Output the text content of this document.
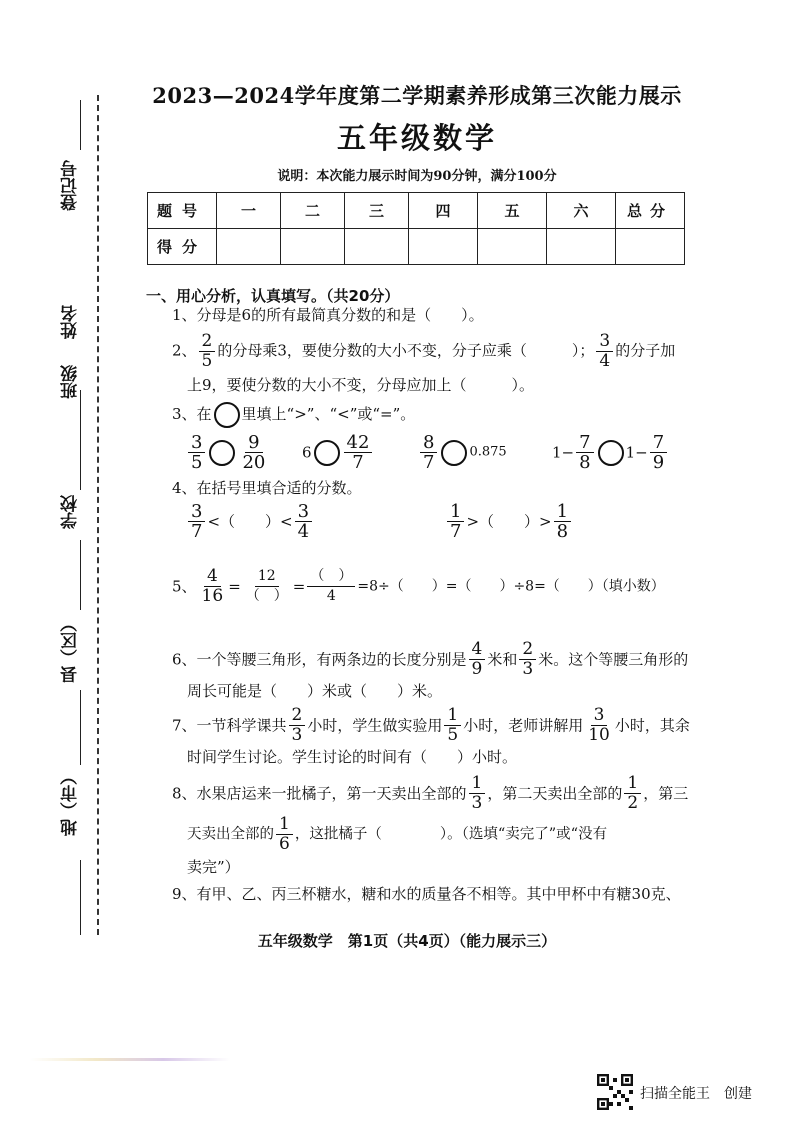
登记号
姓名
班级
学校
县（区）
地（市）
2023—2024学年度第二学期素养形成第三次能力展示
五年级数学
说明：本次能力展示时间为90分钟，满分100分
题号	一	二	三	四	五	六	总分
得分							
一、用心分析，认真填写。（共20分）
1、分母是6的所有最简真分数的和是（　　）。
2、 $\frac{2}{5}$ 的分母乘3，要使分数的大小不变，分子应乘（　　　）； $\frac{3}{4}$ 的分子加
上9，要使分数的大小不变，分母应加上（　　　）。
3、在 里填上“>”、“<”或“=”。
$\frac{3}{5} \frac{9}{20} 6 \frac{42}{7}$	$\frac{8}{7} 0.875$	$1- \frac{7}{8} 1- \frac{7}{9}$
4、在括号里填合适的分数。
$\frac{3}{7}$ <（　　）< $\frac{3}{4}$	$\frac{1}{7}$ >（　　）> $\frac{1}{8}$
5、 $\frac{4}{16}$ =
12
（　）
=
（　）
4
=8÷（　　）=（　　）÷8=（　　）（填小数）
6、一个等腰三角形，有两条边的长度分别是 $\frac{4}{9}$ 米和 $\frac{2}{3}$ 米。这个等腰三角形的
周长可能是（　　）米或（　　）米。
7、一节科学课共 $\frac{2}{3}$ 小时，学生做实验用 $\frac{1}{5}$ 小时，老师讲解用 $\frac{3}{10}$ 小时，其余
时间学生讨论。学生讨论的时间有（　　）小时。
8、水果店运来一批橘子，第一天卖出全部的 $\frac{1}{3}$ ，第二天卖出全部的 $\frac{1}{2}$ ，第三
天卖出全部的 $\frac{1}{6}$ ，这批橘子（　　　　）。（选填“卖完了”或“没有
卖完”）
9、有甲、乙、丙三杯糖水，糖和水的质量各不相等。其中甲杯中有糖30克、
五年级数学　第1页（共4页）（能力展示三）
扫描全能王　创建
